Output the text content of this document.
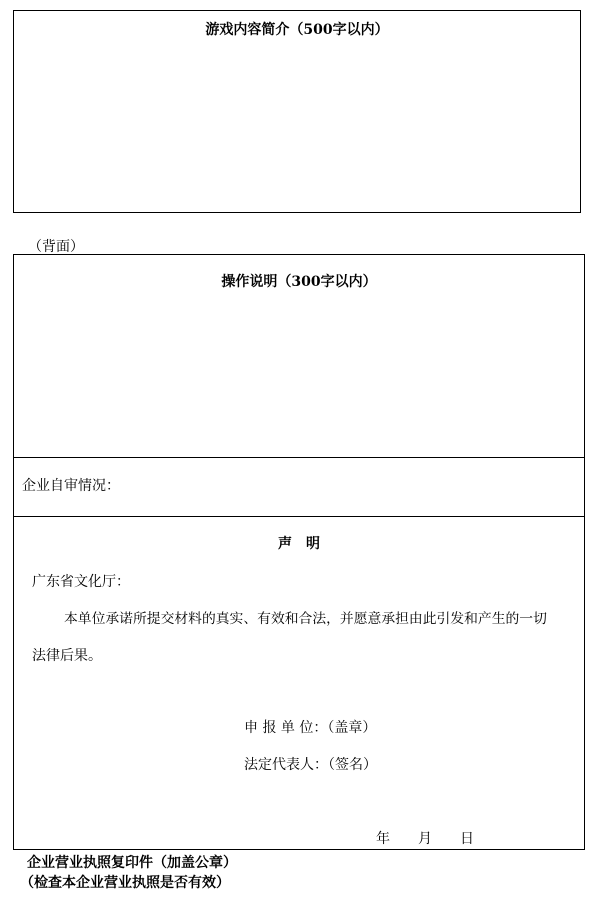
游戏内容简介（500字以内）
（背面）
操作说明（300字以内）
企业自审情况：
声　明
广东省文化厅：
本单位承诺所提交材料的真实、有效和合法，并愿意承担由此引发和产生的一切
法律后果。
申 报 单 位：（盖章）
法定代表人：（签名）
年　　月　　日
企业营业执照复印件（加盖公章）
（检查本企业营业执照是否有效）
